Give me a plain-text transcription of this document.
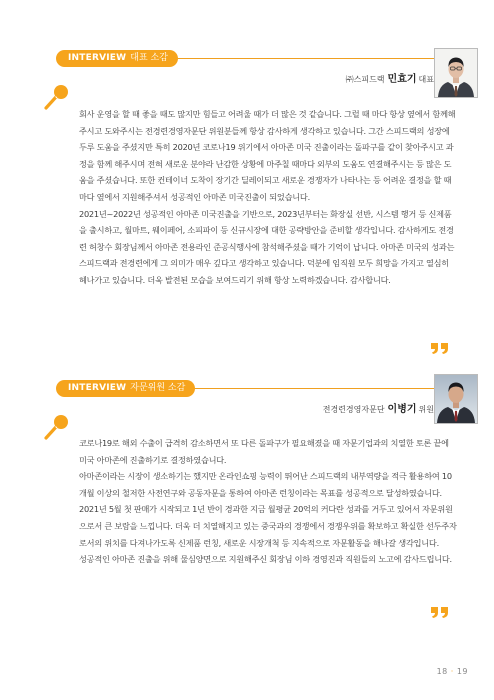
INTERVIEW 대표 소감
㈜스피드랙 민효기 대표

회사 운영을 할 때 좋을 때도 많지만 힘들고 어려울 때가 더 많은 것 같습니다. 그럴 때 마다 항상 옆에서 함께해 주시고 도와주시는 전경련경영자문단 위원분들께 항상 감사하게 생각하고 있습니다. 그간 스피드랙의 성장에 두루 도움을 주셨지만 특히 2020년 코로나19 위기에서 아마존 미국 진출이라는 돌파구를 같이 찾아주시고 과정을 함께 해주시며 전혀 새로운 분야라 난감한 상황에 마주칠 때마다 외부의 도움도 연결해주시는 등 많은 도움을 주셨습니다. 또한 컨테이너 도착이 장기간 딜레이되고 새로운 경쟁자가 나타나는 등 어려운 결정을 할 때 마다 옆에서 지원해주셔서 성공적인 아마존 미국진출이 되었습니다.

2021년~2022년 성공적인 아마존 미국진출을 기반으로, 2023년부터는 화장실 선반, 시스템 행거 등 신제품을 출시하고, 월마트, 웨이페어, 소피파이 등 신규시장에 대한 공략방안을 준비할 생각입니다. 감사하게도 전경련 허창수 회장님께서 아마존 전용라인 준공식행사에 참석해주셨을 때가 기억이 납니다. 아마존 미국의 성과는 스피드랙과 전경련에게 그 의미가 매우 깊다고 생각하고 있습니다. 덕분에 임직원 모두 희망을 가지고 열심히 헤나가고 있습니다. 더욱 발전된 모습을 보여드리기 위해 항상 노력하겠습니다. 감사합니다.

INTERVIEW 자문위원 소감
전경련경영자문단 이병기 위원

코로나19로 해외 수출이 급격히 감소하면서 또 다른 돌파구가 필요해졌을 때 자문기업과의 치열한 토론 끝에 미국 아마존에 진출하기로 결정하였습니다.

아마존이라는 시장이 생소하기는 했지만 온라인쇼핑 능력이 뛰어난 스피드랙의 내부역량을 적극 활용하여 10개월 이상의 철저한 사전연구와 공동자문을 통하여 아마존 런칭이라는 목표를 성공적으로 달성하였습니다.

2021년 5월 첫 판매가 시작되고 1년 반이 경과한 지금 월평균 20억의 커다란 성과를 거두고 있어서 자문위원으로서 큰 보람을 느낍니다. 더욱 더 치열해지고 있는 중국과의 경쟁에서 경쟁우위를 확보하고 확실한 선두주자로서의 위치를 다져나가도록 신제품 런칭, 새로운 시장개척 등 지속적으로 자문활동을 해나갈 생각입니다.

성공적인 아마존 진출을 위해 물심양면으로 지원해주신 회장님 이하 경영진과 직원들의 노고에 감사드립니다.

18 · 19
